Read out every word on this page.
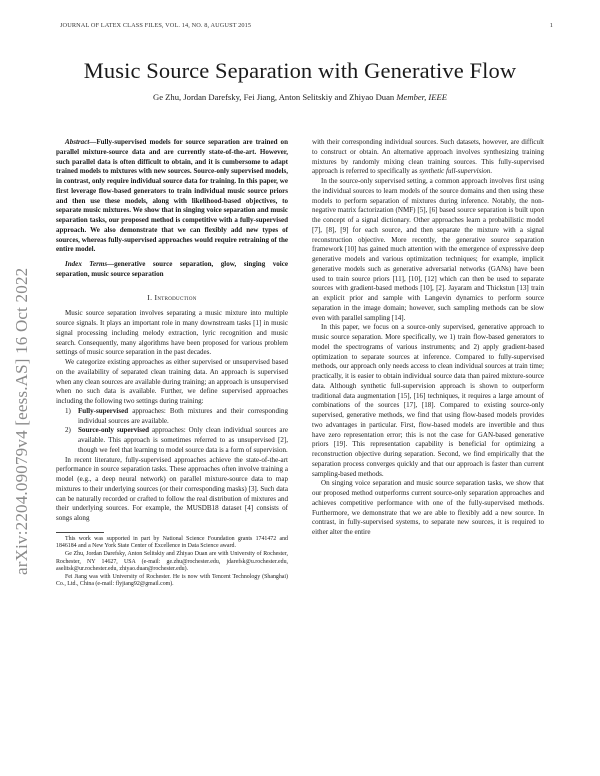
JOURNAL OF LATEX CLASS FILES, VOL. 14, NO. 8, AUGUST 2015	1
arXiv:2204.09079v4 [eess.AS] 16 Oct 2022
Music Source Separation with Generative Flow
Ge Zhu, Jordan Darefsky, Fei Jiang, Anton Selitskiy and Zhiyao Duan Member, IEEE

Abstract—Fully-supervised models for source separation are trained on parallel mixture-source data and are currently state-of-the-art. However, such parallel data is often difficult to obtain, and it is cumbersome to adapt trained models to mixtures with new sources. Source-only supervised models, in contrast, only require individual source data for training. In this paper, we first leverage flow-based generators to train individual music source priors and then use these models, along with likelihood-based objectives, to separate music mixtures. We show that in singing voice separation and music separation tasks, our proposed method is competitive with a fully-supervised approach. We also demonstrate that we can flexibly add new types of sources, whereas fully-supervised approaches would require retraining of the entire model.

Index Terms—generative source separation, glow, singing voice separation, music source separation

I. Introduction

Music source separation involves separating a music mixture into multiple source signals. It plays an important role in many downstream tasks [1] in music signal processing including melody extraction, lyric recognition and music search. Consequently, many algorithms have been proposed for various problem settings of music source separation in the past decades.

We categorize existing approaches as either supervised or unsupervised based on the availability of separated clean training data. An approach is supervised when any clean sources are available during training; an approach is unsupervised when no such data is available. Further, we define supervised approaches including the following two settings during training:

1) Fully-supervised approaches: Both mixtures and their corresponding individual sources are available.
2) Source-only supervised approaches: Only clean individual sources are available. This approach is sometimes referred to as unsupervised [2], though we feel that learning to model source data is a form of supervision.

In recent literature, fully-supervised approaches achieve the state-of-the-art performance in source separation tasks. These approaches often involve training a model (e.g., a deep neural network) on parallel mixture-source data to map mixtures to their underlying sources (or their corresponding masks) [3]. Such data can be naturally recorded or crafted to follow the real distribution of mixtures and their underlying sources. For example, the MUSDB18 dataset [4] consists of songs along

This work was supported in part by National Science Foundation grants 1741472 and 1846184 and a New York State Center of Excellence in Data Science award.

Ge Zhu, Jordan Darefsky, Anton Selitskiy and Zhiyao Duan are with University of Rochester, Rochester, NY 14627, USA (e-mail: ge.zhu@rochester.edu, jdarefsk@u.rochester.edu, aselitsk@ur.rochester.edu, zhiyao.duan@rochester.edu).

Fei Jiang was with University of Rochester. He is now with Tencent Technology (Shanghai) Co., Ltd., China (e-mail: flyjiang92@gmail.com).

with their corresponding individual sources. Such datasets, however, are difficult to construct or obtain. An alternative approach involves synthesizing training mixtures by randomly mixing clean training sources. This fully-supervised approach is referred to specifically as synthetic full-supervision.

In the source-only supervised setting, a common approach involves first using the individual sources to learn models of the source domains and then using these models to perform separation of mixtures during inference. Notably, the non-negative matrix factorization (NMF) [5], [6] based source separation is built upon the concept of a signal dictionary. Other approaches learn a probabilistic model [7], [8], [9] for each source, and then separate the mixture with a signal reconstruction objective. More recently, the generative source separation framework [10] has gained much attention with the emergence of expressive deep generative models and various optimization techniques; for example, implicit generative models such as generative adversarial networks (GANs) have been used to train source priors [11], [10], [12] which can then be used to separate sources with gradient-based methods [10], [2]. Jayaram and Thickstun [13] train an explicit prior and sample with Langevin dynamics to perform source separation in the image domain; however, such sampling methods can be slow even with parallel sampling [14].

In this paper, we focus on a source-only supervised, generative approach to music source separation. More specifically, we 1) train flow-based generators to model the spectrograms of various instruments; and 2) apply gradient-based optimization to separate sources at inference. Compared to fully-supervised methods, our approach only needs access to clean individual sources at train time; practically, it is easier to obtain individual source data than paired mixture-source data. Although synthetic full-supervision approach is shown to outperform traditional data augmentation [15], [16] techniques, it requires a large amount of combinations of the sources [17], [18]. Compared to existing source-only supervised, generative methods, we find that using flow-based models provides two advantages in particular. First, flow-based models are invertible and thus have zero representation error; this is not the case for GAN-based generative priors [19]. This representation capability is beneficial for optimizing a reconstruction objective during separation. Second, we find empirically that the separation process converges quickly and that our approach is faster than current sampling-based methods.

On singing voice separation and music source separation tasks, we show that our proposed method outperforms current source-only separation approaches and achieves competitive performance with one of the fully-supervised methods. Furthermore, we demonstrate that we are able to flexibly add a new source. In contrast, in fully-supervised systems, to separate new sources, it is required to either alter the entire
